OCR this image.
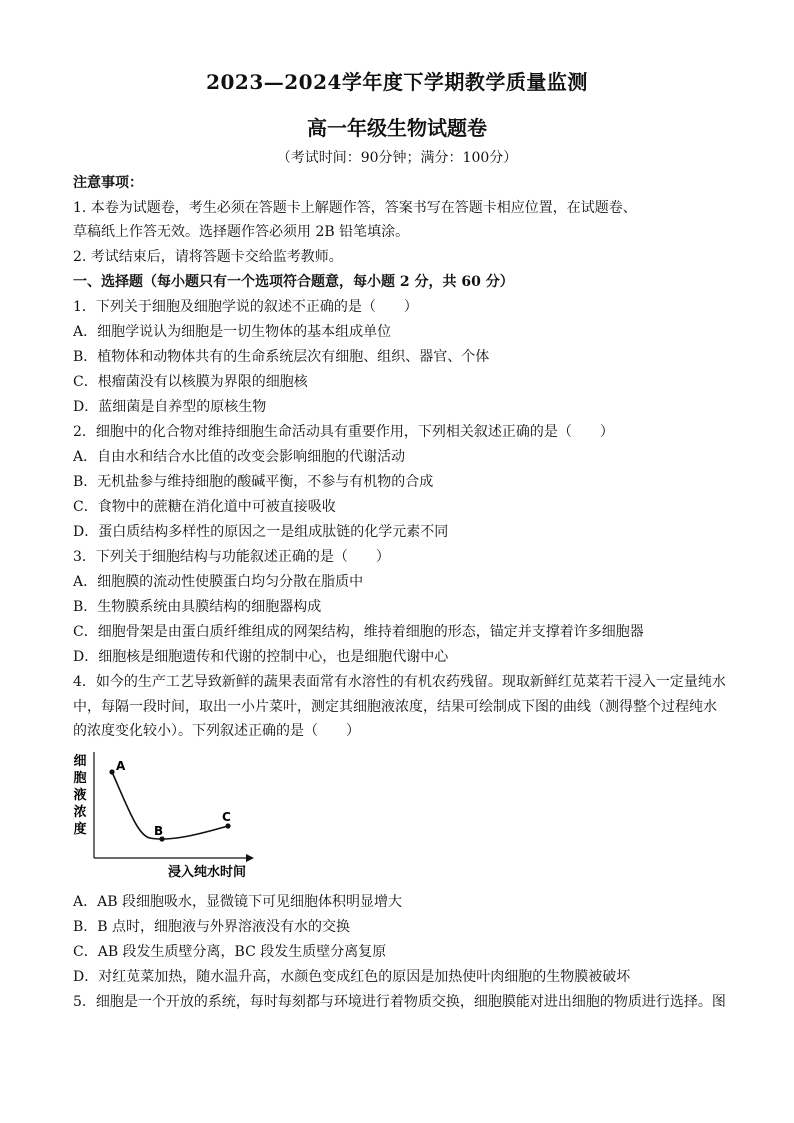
2023—2024学年度下学期教学质量监测
高一年级生物试题卷
（考试时间：90分钟；满分：100分）
注意事项：
1. 本卷为试题卷，考生必须在答题卡上解题作答，答案书写在答题卡相应位置，在试题卷、
草稿纸上作答无效。选择题作答必须用 2B 铅笔填涂。
2. 考试结束后，请将答题卡交给监考教师。
一、选择题（每小题只有一个选项符合题意，每小题 2 分，共 60 分）
1．下列关于细胞及细胞学说的叙述不正确的是（　　）
A．细胞学说认为细胞是一切生物体的基本组成单位
B．植物体和动物体共有的生命系统层次有细胞、组织、器官、个体
C．根瘤菌没有以核膜为界限的细胞核
D．蓝细菌是自养型的原核生物
2．细胞中的化合物对维持细胞生命活动具有重要作用，下列相关叙述正确的是（　　）
A．自由水和结合水比值的改变会影响细胞的代谢活动
B．无机盐参与维持细胞的酸碱平衡，不参与有机物的合成
C．食物中的蔗糖在消化道中可被直接吸收
D．蛋白质结构多样性的原因之一是组成肽链的化学元素不同
3．下列关于细胞结构与功能叙述正确的是（　　）
A．细胞膜的流动性使膜蛋白均匀分散在脂质中
B．生物膜系统由具膜结构的细胞器构成
C．细胞骨架是由蛋白质纤维组成的网架结构，维持着细胞的形态，锚定并支撑着许多细胞器
D．细胞核是细胞遗传和代谢的控制中心，也是细胞代谢中心
4．如今的生产工艺导致新鲜的蔬果表面常有水溶性的有机农药残留。现取新鲜红苋菜若干浸入一定量纯水
中，每隔一段时间，取出一小片菜叶，测定其细胞液浓度，结果可绘制成下图的曲线（测得整个过程纯水
的浓度变化较小）。下列叙述正确的是（　　）
细
胞
液
浓
度
A
B
C
浸入纯水时间
A．AB 段细胞吸水，显微镜下可见细胞体积明显增大
B．B 点时，细胞液与外界溶液没有水的交换
C．AB 段发生质壁分离，BC 段发生质壁分离复原
D．对红苋菜加热，随水温升高，水颜色变成红色的原因是加热使叶肉细胞的生物膜被破坏
5．细胞是一个开放的系统，每时每刻都与环境进行着物质交换，细胞膜能对进出细胞的物质进行选择。图
